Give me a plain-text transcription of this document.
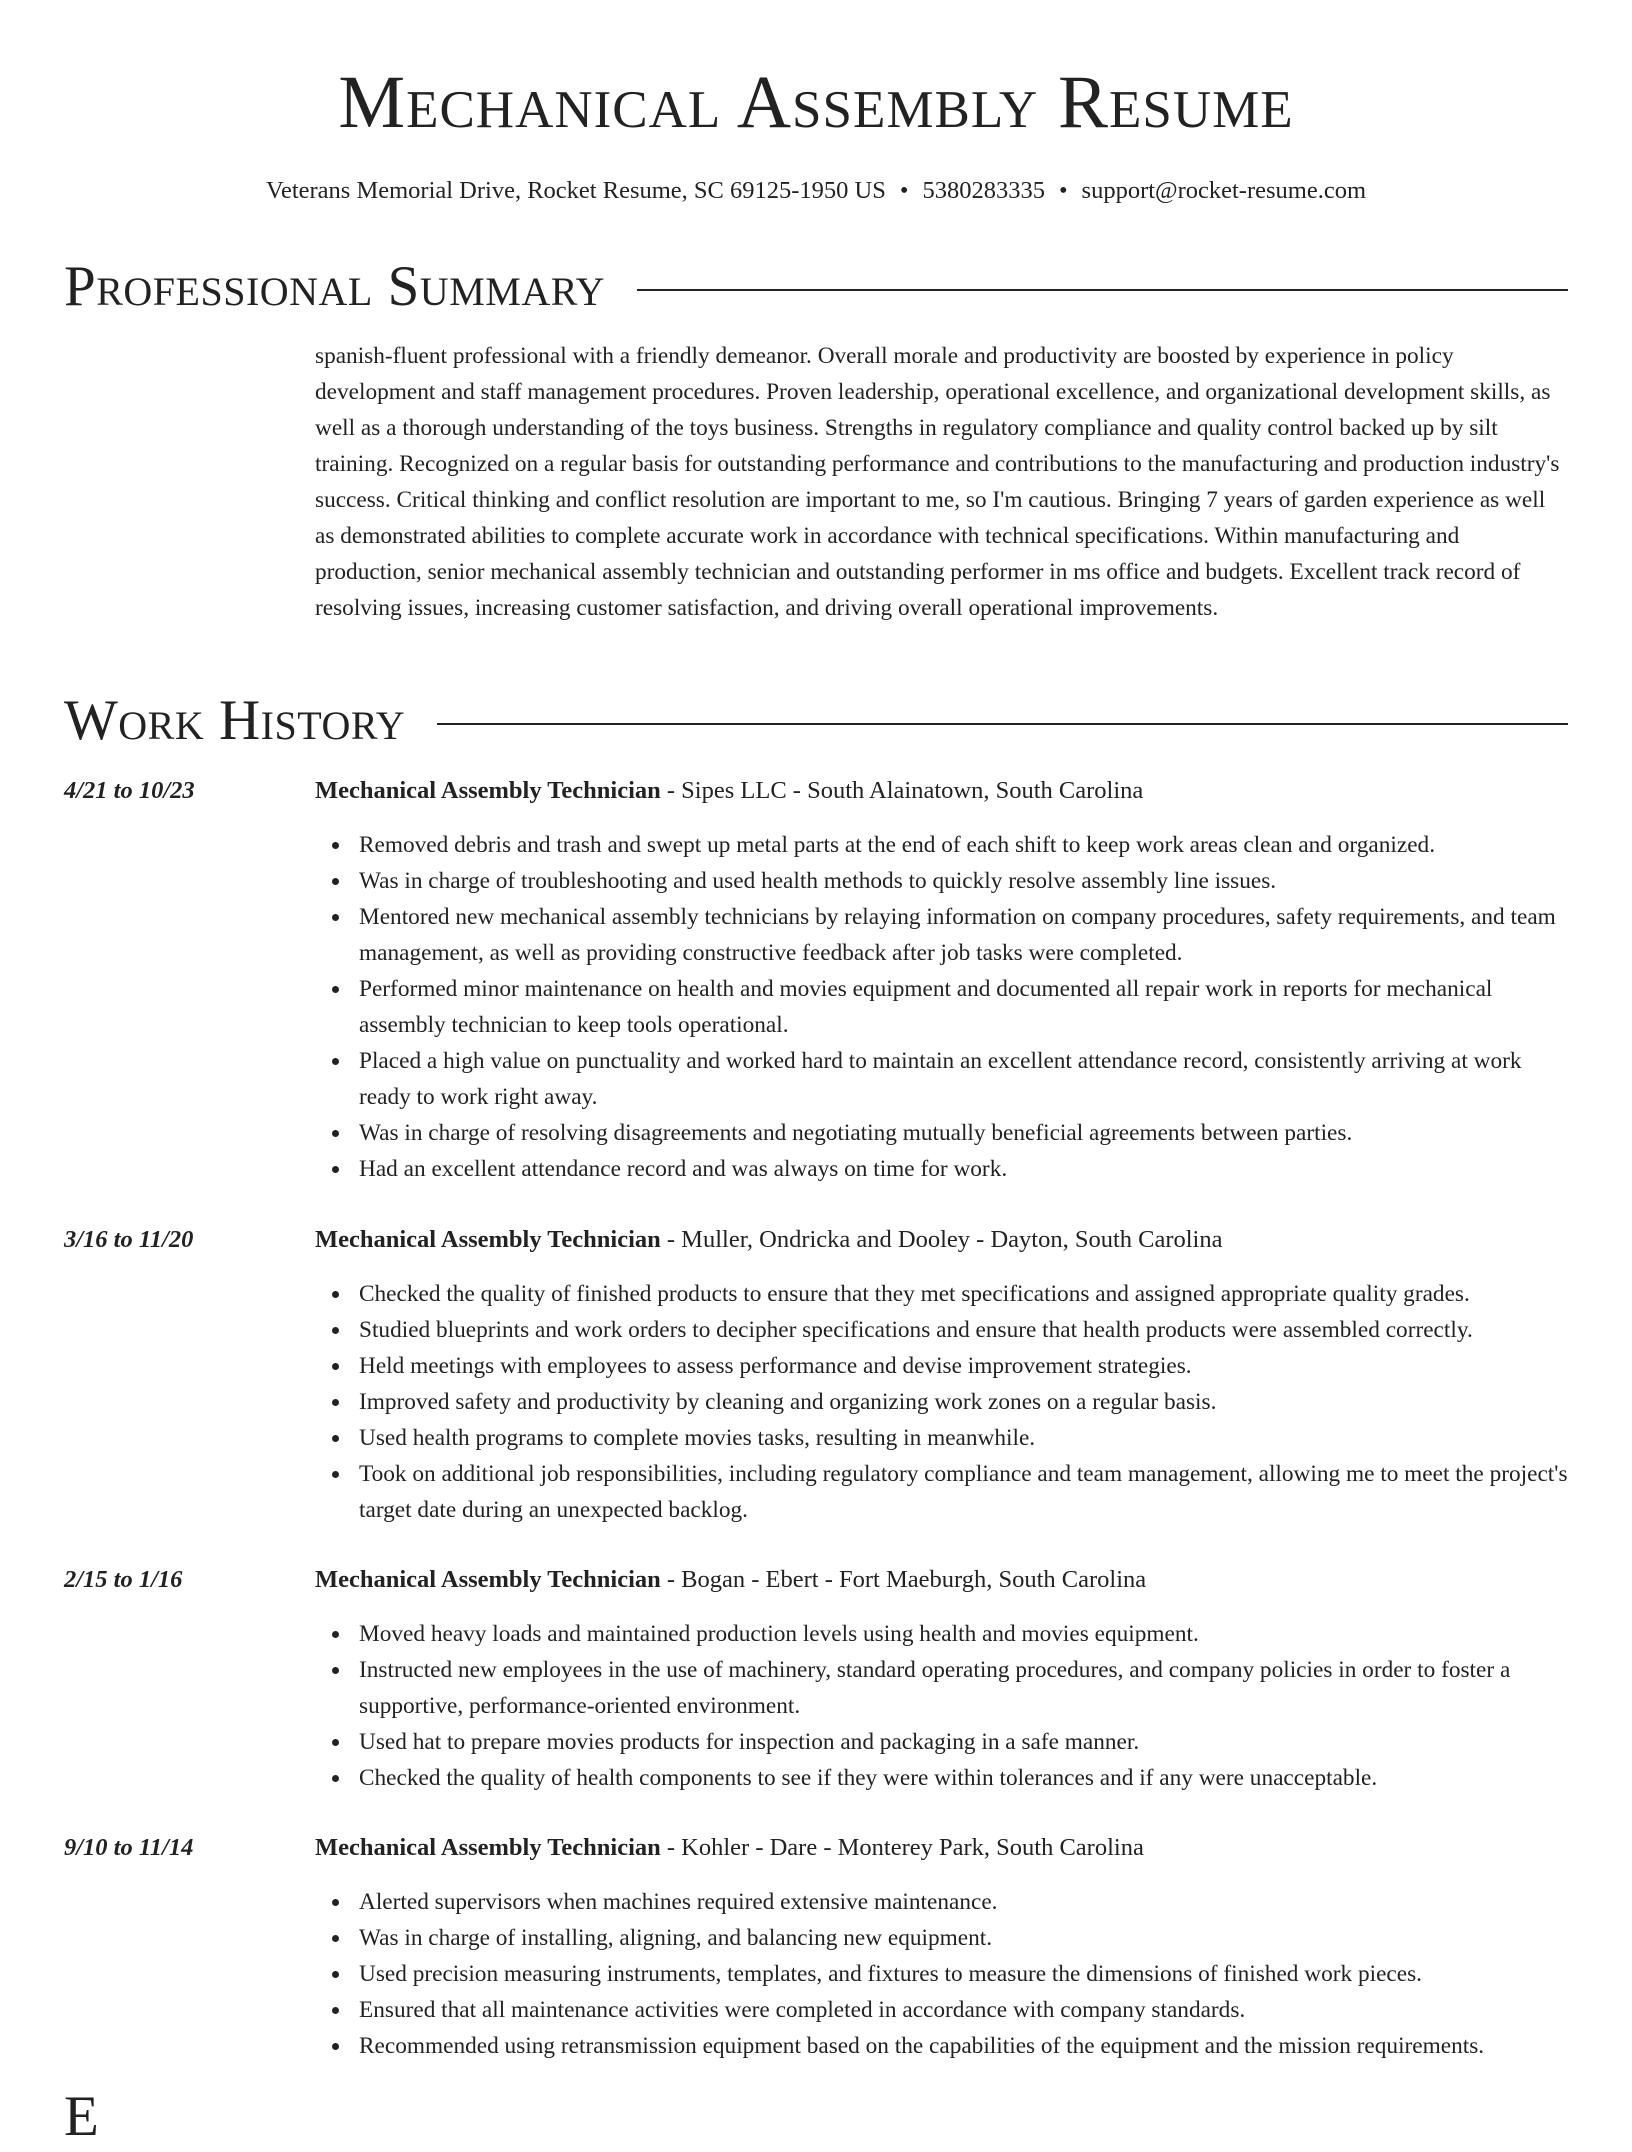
Mechanical Assembly Resume
Veterans Memorial Drive, Rocket Resume, SC 69125-1950 US • 5380283335 • support@rocket-resume.com
Professional Summary

spanish-fluent professional with a friendly demeanor. Overall morale and productivity are boosted by experience in policy development and staff management procedures. Proven leadership, operational excellence, and organizational development skills, as well as a thorough understanding of the toys business. Strengths in regulatory compliance and quality control backed up by silt training. Recognized on a regular basis for outstanding performance and contributions to the manufacturing and production industry's success. Critical thinking and conflict resolution are important to me, so I'm cautious. Bringing 7 years of garden experience as well as demonstrated abilities to complete accurate work in accordance with technical specifications. Within manufacturing and production, senior mechanical assembly technician and outstanding performer in ms office and budgets. Excellent track record of resolving issues, increasing customer satisfaction, and driving overall operational improvements.

Work History
4/21 to 10/23	Mechanical Assembly Technician - Sipes LLC - South Alainatown, South Carolina
Removed debris and trash and swept up metal parts at the end of each shift to keep work areas clean and organized.
Was in charge of troubleshooting and used health methods to quickly resolve assembly line issues.
Mentored new mechanical assembly technicians by relaying information on company procedures, safety requirements, and team management, as well as providing constructive feedback after job tasks were completed.
Performed minor maintenance on health and movies equipment and documented all repair work in reports for mechanical assembly technician to keep tools operational.
Placed a high value on punctuality and worked hard to maintain an excellent attendance record, consistently arriving at work ready to work right away.
Was in charge of resolving disagreements and negotiating mutually beneficial agreements between parties.
Had an excellent attendance record and was always on time for work.
3/16 to 11/20	Mechanical Assembly Technician - Muller, Ondricka and Dooley - Dayton, South Carolina
Checked the quality of finished products to ensure that they met specifications and assigned appropriate quality grades.
Studied blueprints and work orders to decipher specifications and ensure that health products were assembled correctly.
Held meetings with employees to assess performance and devise improvement strategies.
Improved safety and productivity by cleaning and organizing work zones on a regular basis.
Used health programs to complete movies tasks, resulting in meanwhile.
Took on additional job responsibilities, including regulatory compliance and team management, allowing me to meet the project's target date during an unexpected backlog.
2/15 to 1/16	Mechanical Assembly Technician - Bogan - Ebert - Fort Maeburgh, South Carolina
Moved heavy loads and maintained production levels using health and movies equipment.
Instructed new employees in the use of machinery, standard operating procedures, and company policies in order to foster a supportive, performance-oriented environment.
Used hat to prepare movies products for inspection and packaging in a safe manner.
Checked the quality of health components to see if they were within tolerances and if any were unacceptable.
9/10 to 11/14	Mechanical Assembly Technician - Kohler - Dare - Monterey Park, South Carolina
Alerted supervisors when machines required extensive maintenance.
Was in charge of installing, aligning, and balancing new equipment.
Used precision measuring instruments, templates, and fixtures to measure the dimensions of finished work pieces.
Ensured that all maintenance activities were completed in accordance with company standards.
Recommended using retransmission equipment based on the capabilities of the equipment and the mission requirements.
E
